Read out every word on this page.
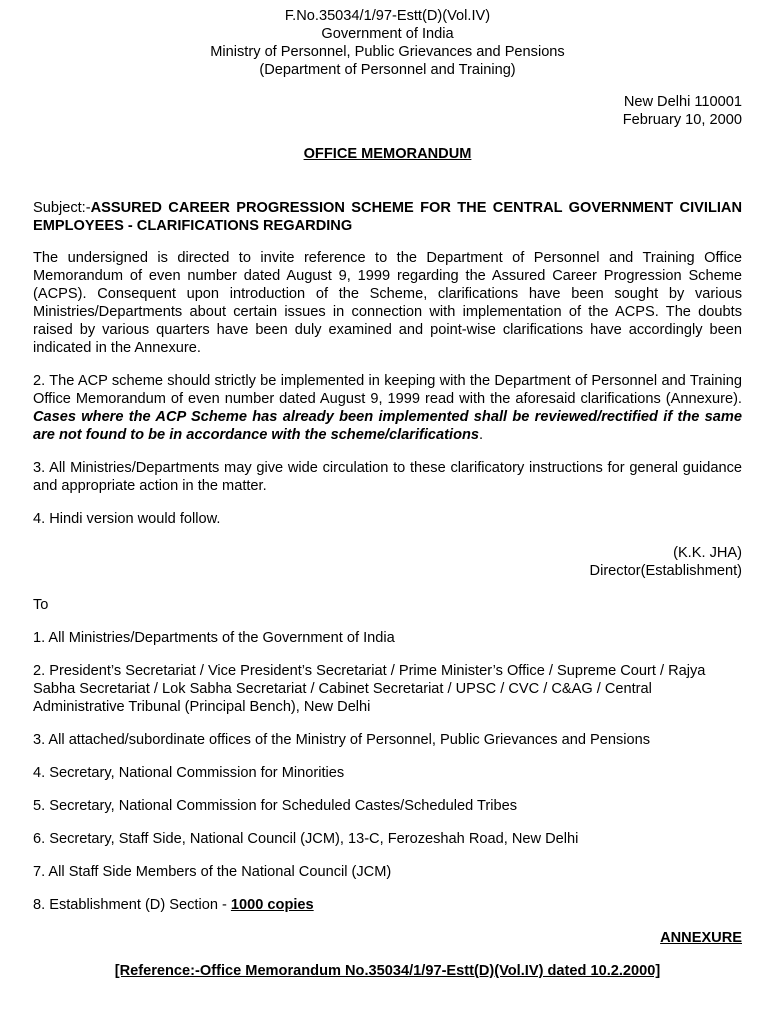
F.No.35034/1/97-Estt(D)(Vol.IV)
Government of India
Ministry of Personnel, Public Grievances and Pensions
(Department of Personnel and Training)
New Delhi 110001
February 10, 2000
OFFICE MEMORANDUM
Subject:-ASSURED CAREER PROGRESSION SCHEME FOR THE CENTRAL GOVERNMENT CIVILIAN EMPLOYEES - CLARIFICATIONS REGARDING
The undersigned is directed to invite reference to the Department of Personnel and Training Office Memorandum of even number dated August 9, 1999 regarding the Assured Career Progression Scheme (ACPS). Consequent upon introduction of the Scheme, clarifications have been sought by various Ministries/Departments about certain issues in connection with implementation of the ACPS. The doubts raised by various quarters have been duly examined and point-wise clarifications have accordingly been indicated in the Annexure.
2. The ACP scheme should strictly be implemented in keeping with the Department of Personnel and Training Office Memorandum of even number dated August 9, 1999 read with the aforesaid clarifications (Annexure). Cases where the ACP Scheme has already been implemented shall be reviewed/rectified if the same are not found to be in accordance with the scheme/clarifications.
3. All Ministries/Departments may give wide circulation to these clarificatory instructions for general guidance and appropriate action in the matter.
4. Hindi version would follow.
(K.K. JHA)
Director(Establishment)
To
1. All Ministries/Departments of the Government of India
2. President’s Secretariat / Vice President’s Secretariat / Prime Minister’s Office / Supreme Court / Rajya Sabha Secretariat / Lok Sabha Secretariat / Cabinet Secretariat / UPSC / CVC / C&AG / Central Administrative Tribunal (Principal Bench), New Delhi
3. All attached/subordinate offices of the Ministry of Personnel, Public Grievances and Pensions
4. Secretary, National Commission for Minorities
5. Secretary, National Commission for Scheduled Castes/Scheduled Tribes
6. Secretary, Staff Side, National Council (JCM), 13-C, Ferozeshah Road, New Delhi
7. All Staff Side Members of the National Council (JCM)
8. Establishment (D) Section - 1000 copies
ANNEXURE
[Reference:-Office Memorandum No.35034/1/97-Estt(D)(Vol.IV) dated 10.2.2000]
